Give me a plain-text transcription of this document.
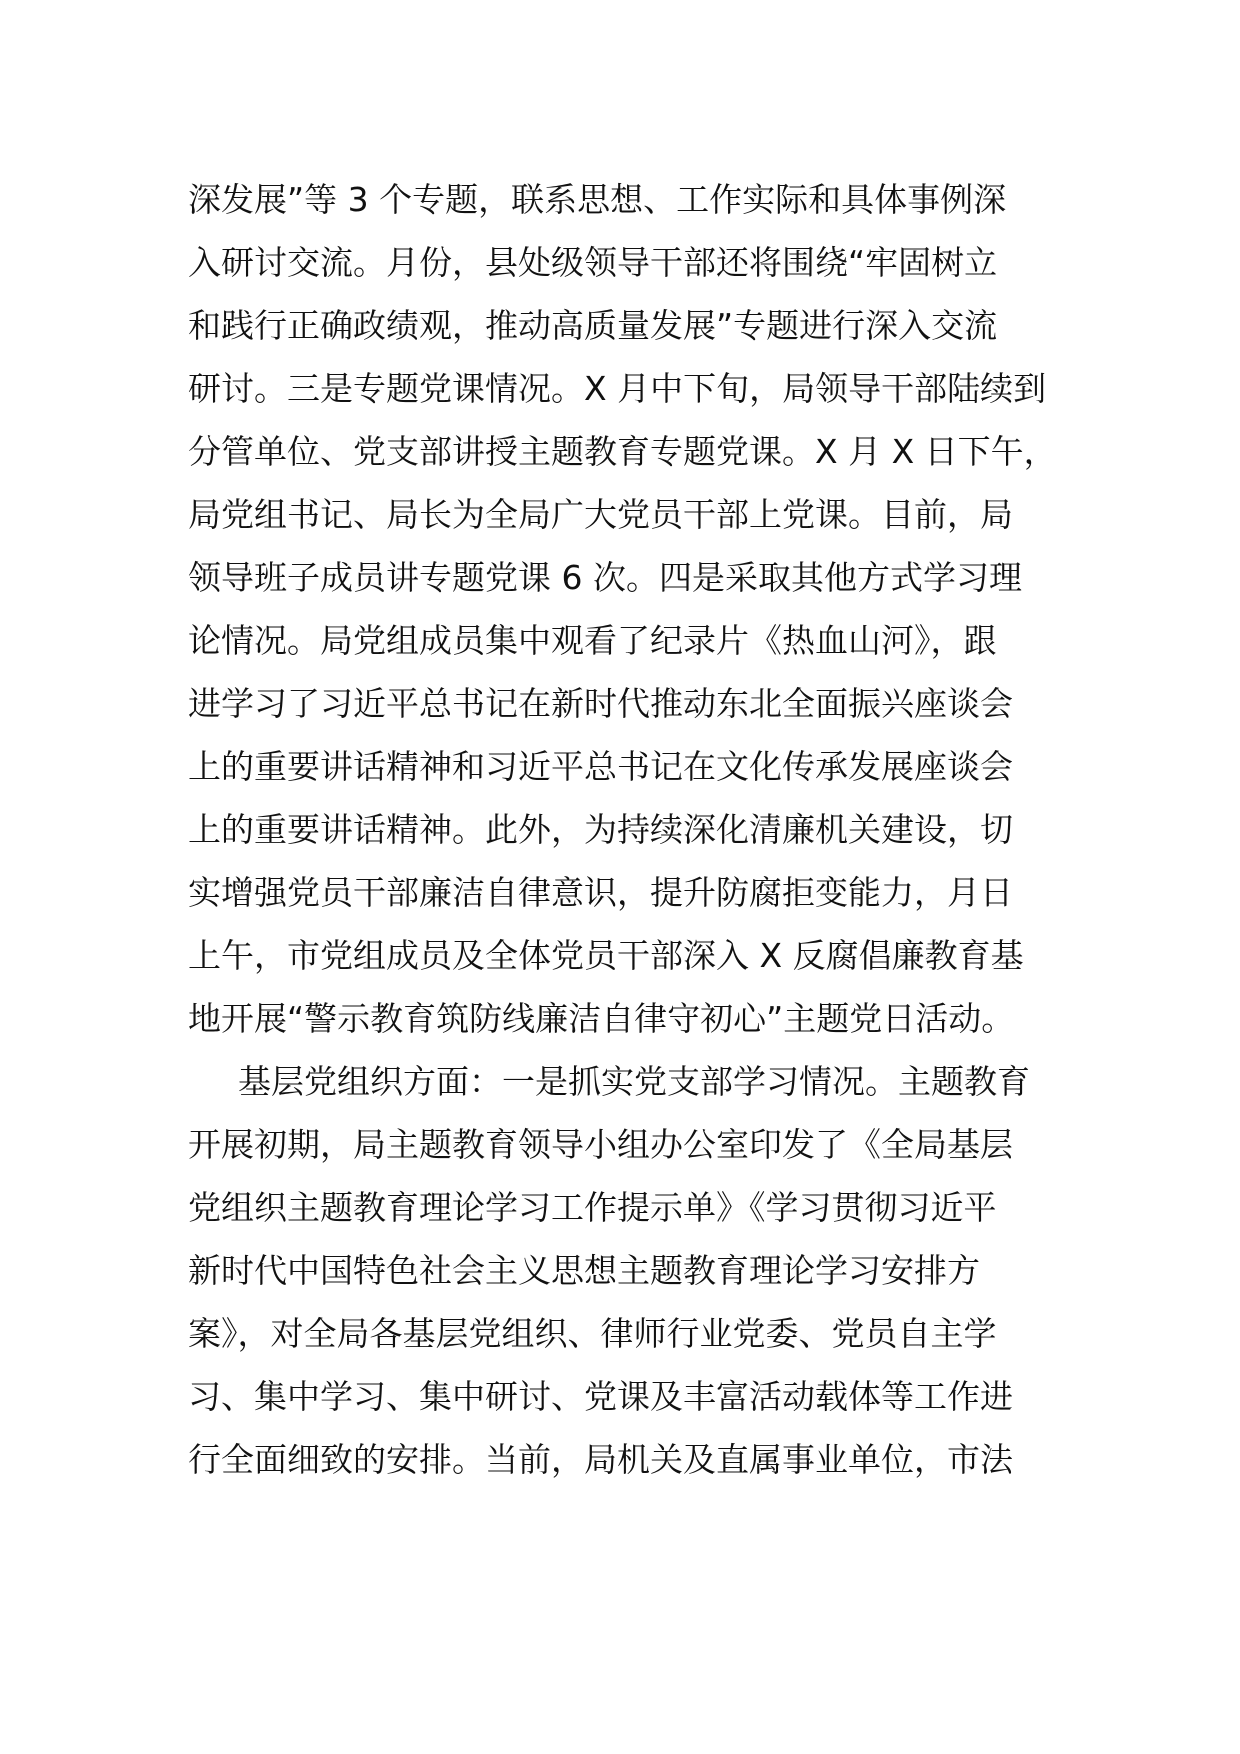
深发展”等 3 个专题，联系思想、工作实际和具体事例深
入研讨交流。月份，县处级领导干部还将围绕“牢固树立
和践行正确政绩观，推动高质量发展”专题进行深入交流
研讨。三是专题党课情况。X 月中下旬，局领导干部陆续到
分管单位、党支部讲授主题教育专题党课。X 月 X 日下午，
局党组书记、局长为全局广大党员干部上党课。目前，局
领导班子成员讲专题党课 6 次。四是采取其他方式学习理
论情况。局党组成员集中观看了纪录片《热血山河》，跟
进学习了习近平总书记在新时代推动东北全面振兴座谈会
上的重要讲话精神和习近平总书记在文化传承发展座谈会
上的重要讲话精神。此外，为持续深化清廉机关建设，切
实增强党员干部廉洁自律意识，提升防腐拒变能力，月日
上午，市党组成员及全体党员干部深入 X 反腐倡廉教育基
地开展“警示教育筑防线廉洁自律守初心”主题党日活动。
基层党组织方面：一是抓实党支部学习情况。主题教育
开展初期，局主题教育领导小组办公室印发了《全局基层
党组织主题教育理论学习工作提示单》《学习贯彻习近平
新时代中国特色社会主义思想主题教育理论学习安排方
案》，对全局各基层党组织、律师行业党委、党员自主学
习、集中学习、集中研讨、党课及丰富活动载体等工作进
行全面细致的安排。当前，局机关及直属事业单位，市法
